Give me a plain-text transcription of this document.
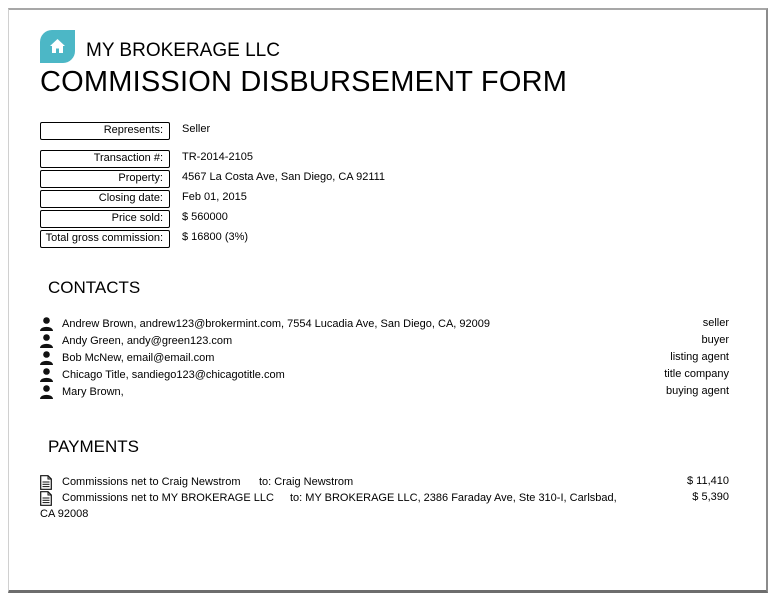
MY BROKERAGE LLC
COMMISSION DISBURSEMENT FORM
Represents: Seller
Transaction #: TR-2014-2105
Property: 4567 La Costa Ave, San Diego, CA 92111
Closing date: Feb 01, 2015
Price sold: $ 560000
Total gross commission: $ 16800 (3%)
CONTACTS
Andrew Brown, andrew123@brokermint.com, 7554 Lucadia Ave, San Diego, CA, 92009	seller
Andy Green, andy@green123.com	buyer
Bob McNew, email@email.com	listing agent
Chicago Title, sandiego123@chicagotitle.com	title company
Mary Brown,	buying agent
PAYMENTS
Commissions net to Craig Newstrom to: Craig Newstrom	$ 11,410
Commissions net to MY BROKERAGE LLC to: MY BROKERAGE LLC, 2386 Faraday Ave, Ste 310-I, Carlsbad,	$ 5,390
CA 92008
